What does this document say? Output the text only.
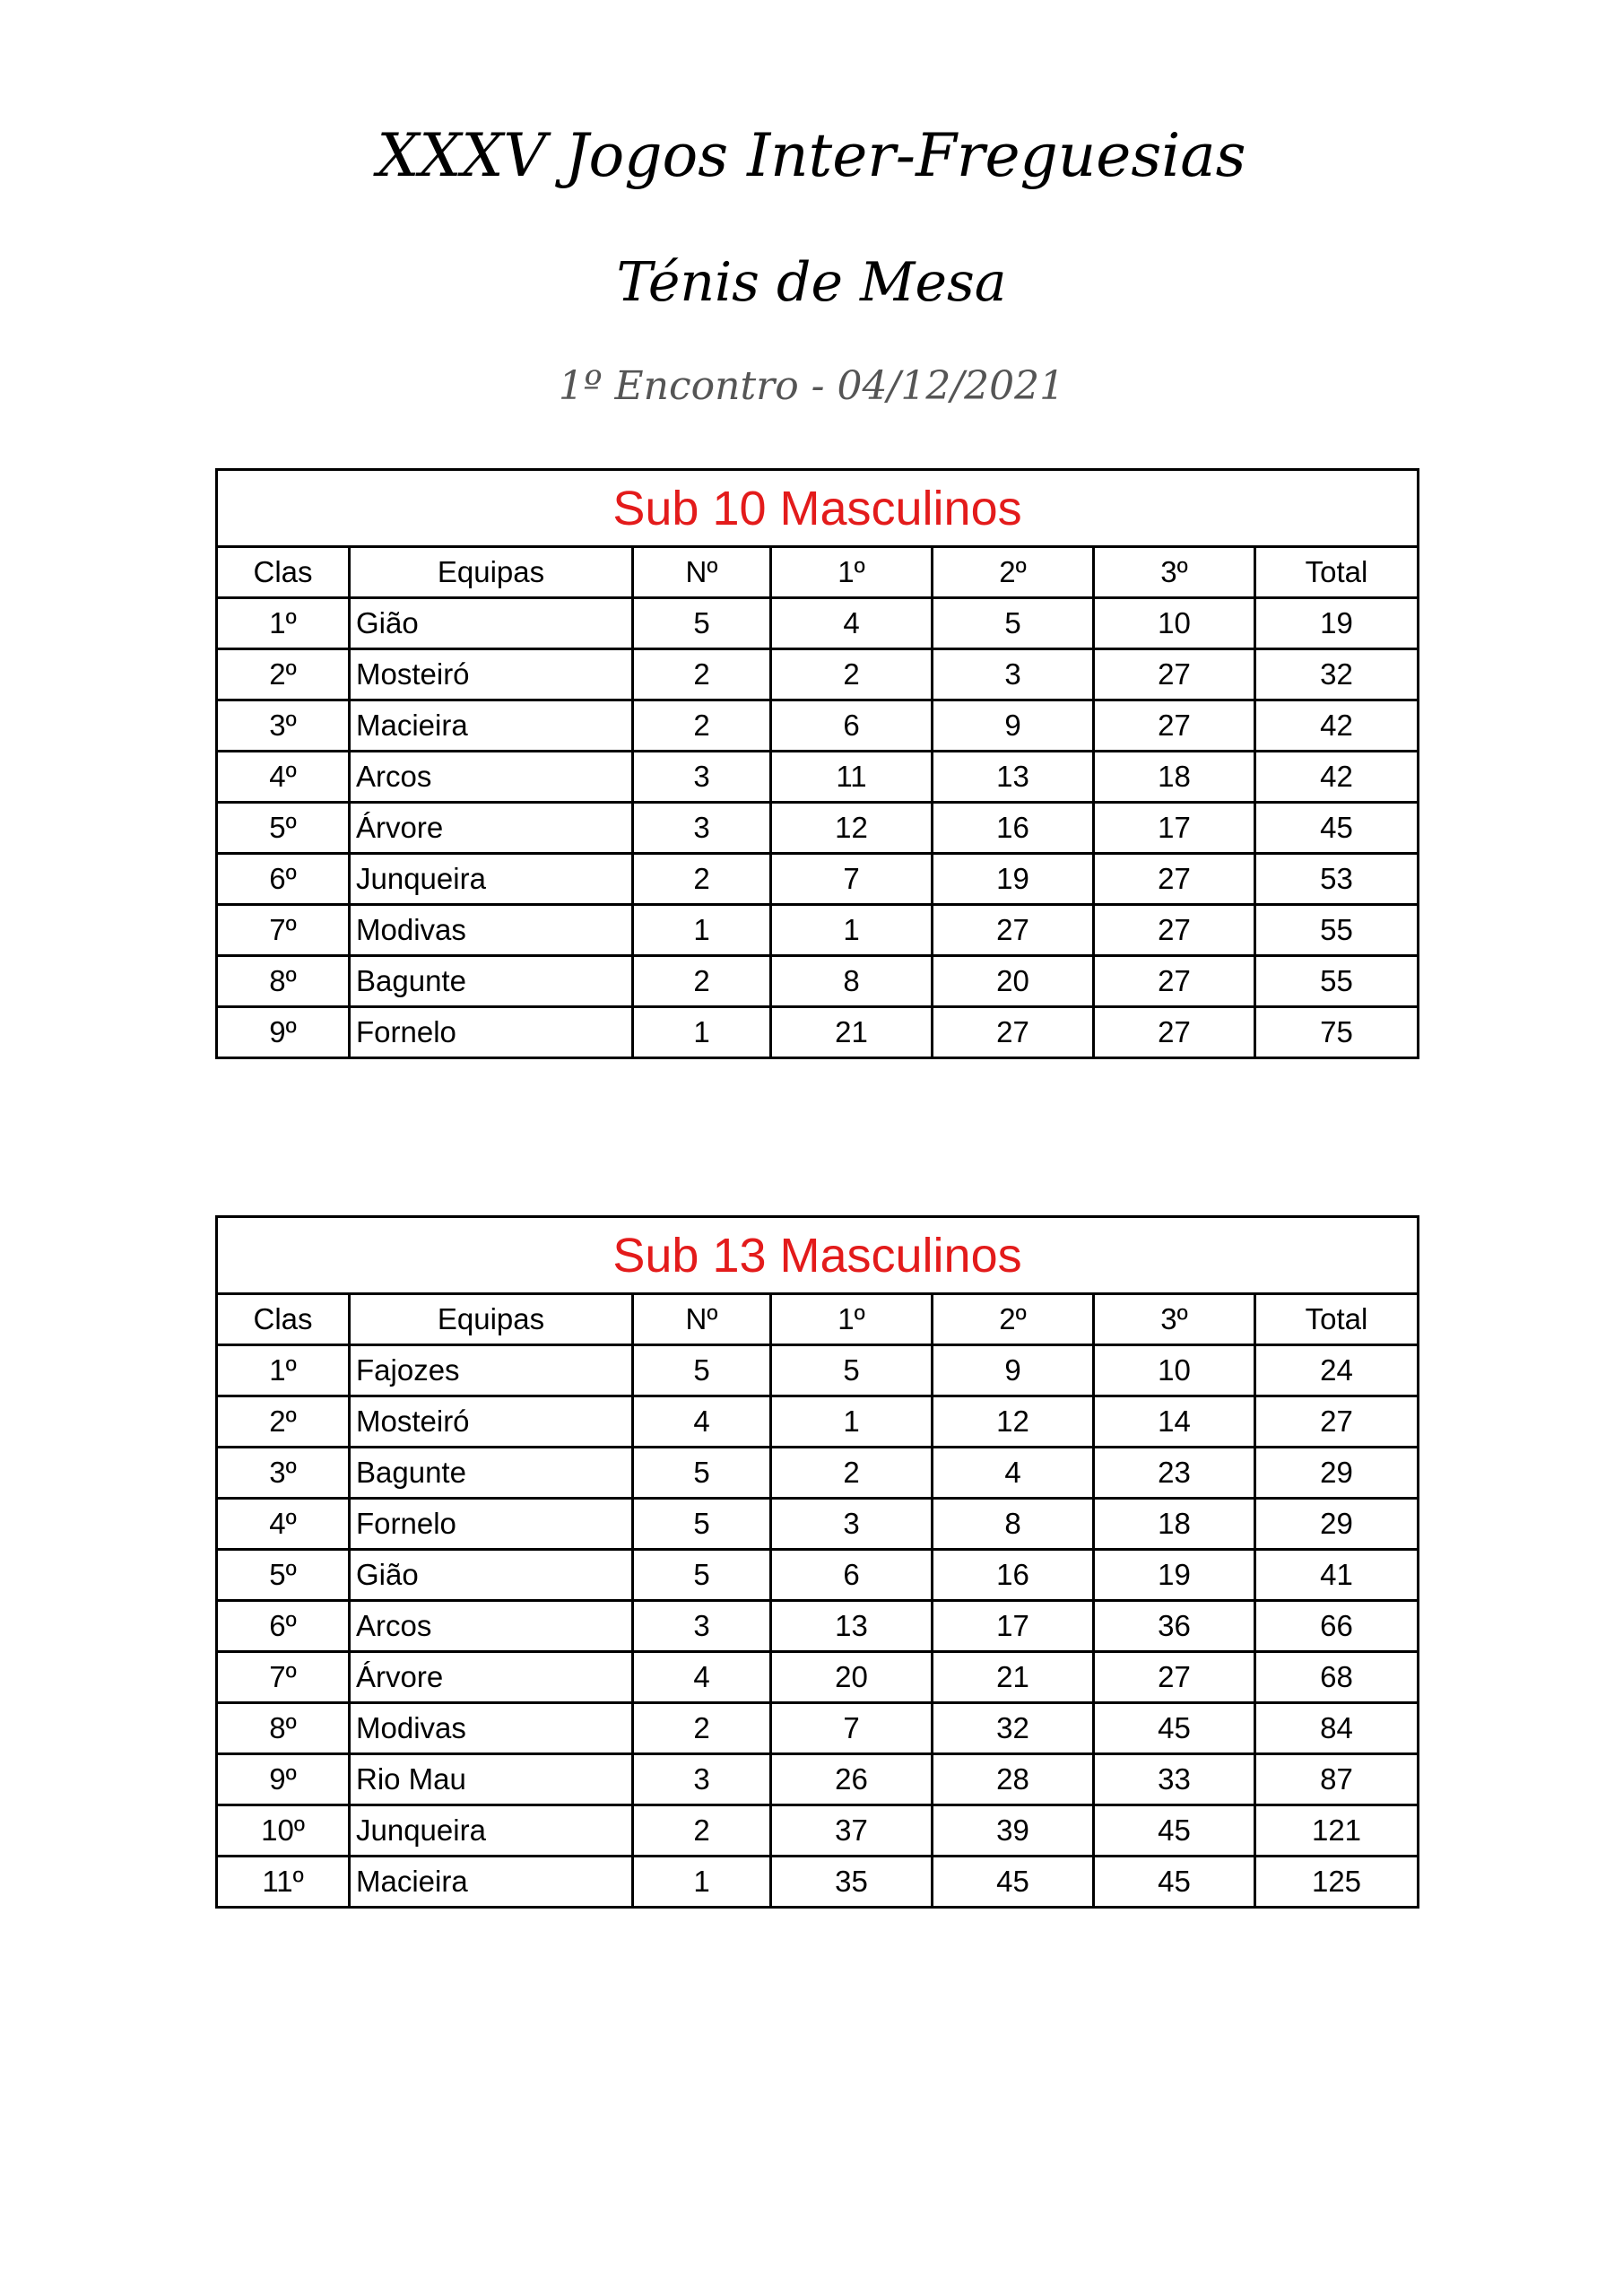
XXXV Jogos Inter-Freguesias
Ténis de Mesa
1º Encontro - 04/12/2021
Sub 10 Masculinos						
Clas	Equipas	Nº	1º	2º	3º	Total
1º	Gião	5	4	5	10	19
2º	Mosteiró	2	2	3	27	32
3º	Macieira	2	6	9	27	42
4º	Arcos	3	11	13	18	42
5º	Árvore	3	12	16	17	45
6º	Junqueira	2	7	19	27	53
7º	Modivas	1	1	27	27	55
8º	Bagunte	2	8	20	27	55
9º	Fornelo	1	21	27	27	75
Sub 13 Masculinos						
Clas	Equipas	Nº	1º	2º	3º	Total
1º	Fajozes	5	5	9	10	24
2º	Mosteiró	4	1	12	14	27
3º	Bagunte	5	2	4	23	29
4º	Fornelo	5	3	8	18	29
5º	Gião	5	6	16	19	41
6º	Arcos	3	13	17	36	66
7º	Árvore	4	20	21	27	68
8º	Modivas	2	7	32	45	84
9º	Rio Mau	3	26	28	33	87
10º	Junqueira	2	37	39	45	121
11º	Macieira	1	35	45	45	125
